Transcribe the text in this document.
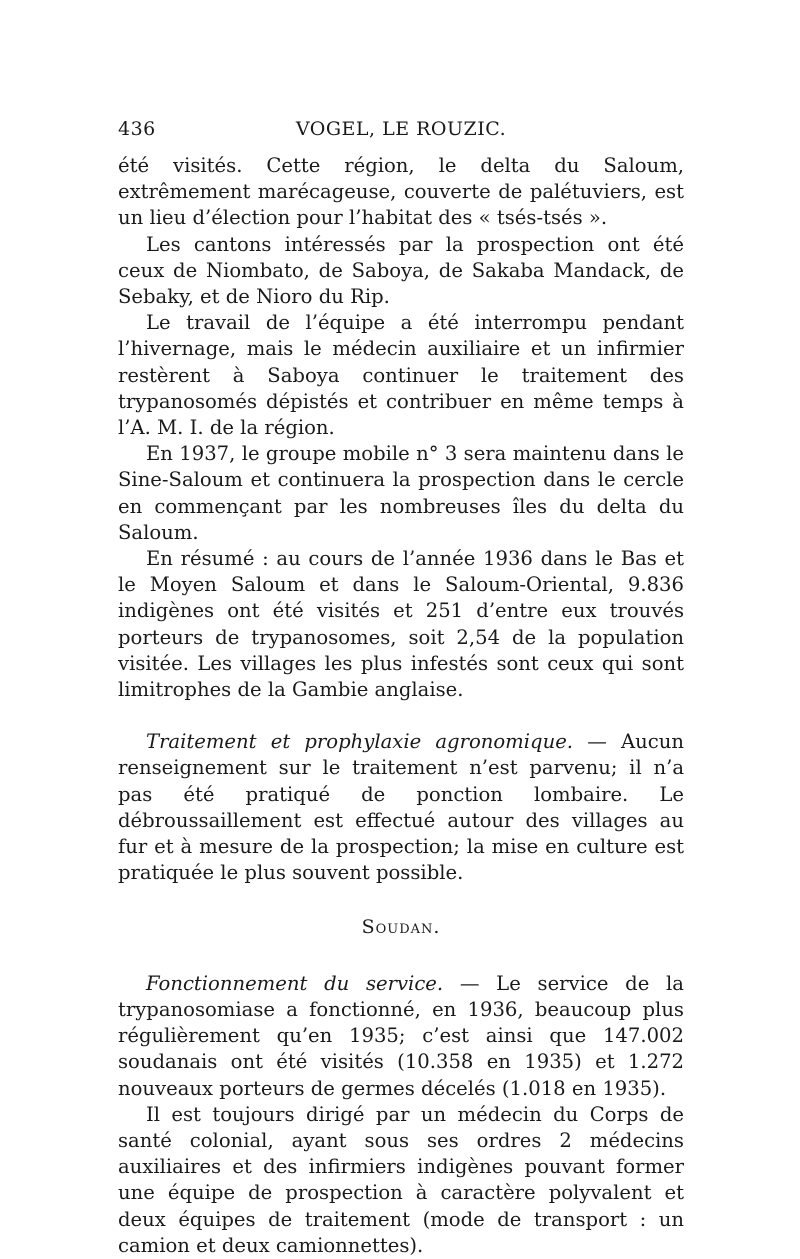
436	VOGEL, LE ROUZIC.

été visités. Cette région, le delta du Saloum, extrêmement marécageuse, couverte de palétuviers, est un lieu d’élection pour l’habitat des « tsés-tsés ».

Les cantons intéressés par la prospection ont été ceux de Niombato, de Saboya, de Sakaba Mandack, de Sebaky, et de Nioro du Rip.

Le travail de l’équipe a été interrompu pendant l’hivernage, mais le médecin auxiliaire et un infirmier restèrent à Saboya continuer le traitement des trypanosomés dépistés et contribuer en même temps à l’A. M. I. de la région.

En 1937, le groupe mobile n° 3 sera maintenu dans le Sine-Saloum et continuera la prospection dans le cercle en commençant par les nombreuses îles du delta du Saloum.

En résumé : au cours de l’année 1936 dans le Bas et le Moyen Saloum et dans le Saloum-Oriental, 9.836 indigènes ont été visités et 251 d’entre eux trouvés porteurs de trypanosomes, soit 2,54 de la population visitée. Les villages les plus infestés sont ceux qui sont limitrophes de la Gambie anglaise.

Traitement et prophylaxie agronomique. — Aucun renseignement sur le traitement n’est parvenu; il n’a pas été pratiqué de ponction lombaire. Le débroussaillement est effectué autour des villages au fur et à mesure de la prospection; la mise en culture est pratiquée le plus souvent possible.

Soudan.

Fonctionnement du service. — Le service de la trypanosomiase a fonctionné, en 1936, beaucoup plus régulièrement qu’en 1935; c’est ainsi que 147.002 soudanais ont été visités (10.358 en 1935) et 1.272 nouveaux porteurs de germes décelés (1.018 en 1935).

Il est toujours dirigé par un médecin du Corps de santé colonial, ayant sous ses ordres 2 médecins auxiliaires et des infirmiers indigènes pouvant former une équipe de prospection à caractère polyvalent et deux équipes de traitement (mode de transport : un camion et deux camionnettes).
